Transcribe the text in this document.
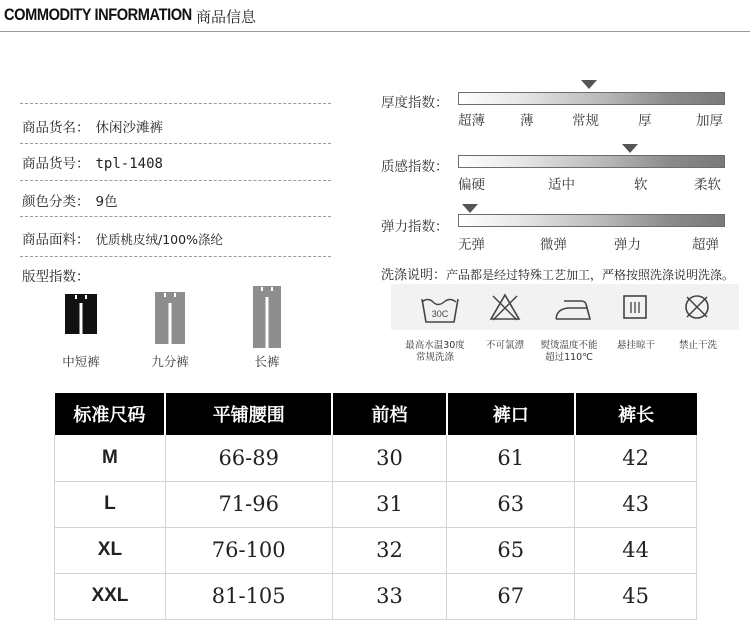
COMMODITY INFORMATION 商品信息
商品货名： 休闲沙滩裤
商品货号： tpl-1408
颜色分类： 9色
商品面料： 优质桃皮绒/100%涤纶
版型指数：
中短裤	九分裤	长裤
厚度指数：
超薄	薄	常规	厚	加厚
质感指数：
偏硬	适中	软	柔软
弹力指数：
无弹	微弹	弹力	超弹
洗涤说明：产品都是经过特殊工艺加工，严格按照洗涤说明洗涤。
30C
最高水温30度
常规洗涤
不可氯漂	熨烫温度不能
超过110℃
悬挂晾干	禁止干洗
标准尺码	平铺腰围	前档	裤口	裤长
M	66-89	30	61	42
L	71-96	31	63	43
XL	76-100	32	65	44
XXL	81-105	33	67	45
